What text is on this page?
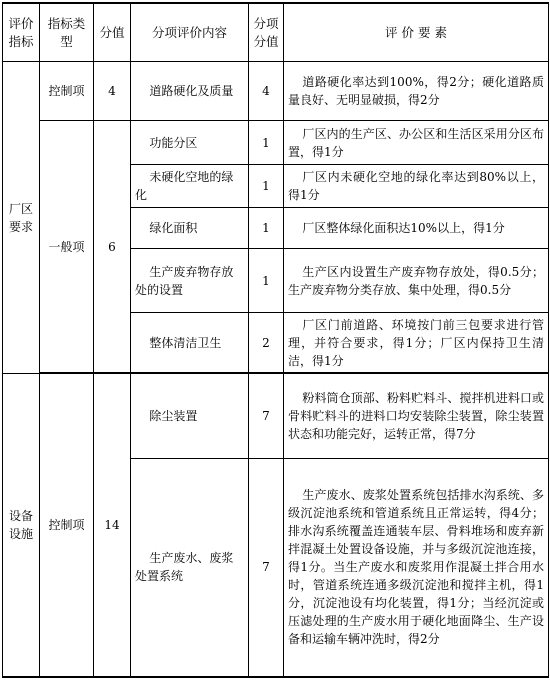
评价指标	指标类型	分值	分项评价内容	分项分值	评 价 要 素
厂区要求	控制项	4	道路硬化及质量	4	道路硬化率达到100%，得2分；硬化道路质量良好、无明显破损，得2分
	一般项	6	功能分区	1	厂区内的生产区、办公区和生活区采用分区布置，得1分
			未硬化空地的绿化	1	厂区内未硬化空地的绿化率达到80%以上，得1分
			绿化面积	1	厂区整体绿化面积达10%以上，得1分
			生产废弃物存放处的设置	1	生产区内设置生产废弃物存放处，得0.5分；生产废弃物分类存放、集中处理，得0.5分
			整体清洁卫生	2	厂区门前道路、环境按门前三包要求进行管理，并符合要求，得1分；厂区内保持卫生清洁，得1分

设备设施	控制项	14	除尘装置	7	粉料筒仓顶部、粉料贮料斗、搅拌机进料口或骨料贮料斗的进料口均安装除尘装置，除尘装置状态和功能完好，运转正常，得7分
			生产废水、废浆处置系统	7	生产废水、废浆处置系统包括排水沟系统、多级沉淀池系统和管道系统且正常运转，得4分；排水沟系统覆盖连通装车层、骨料堆场和废弃新拌混凝土处置设备设施，并与多级沉淀池连接，得1分。当生产废水和废浆用作混凝土拌合用水时，管道系统连通多级沉淀池和搅拌主机，得1分，沉淀池设有均化装置，得1分；当经沉淀或压滤处理的生产废水用于硬化地面降尘、生产设备和运输车辆冲洗时，得2分
